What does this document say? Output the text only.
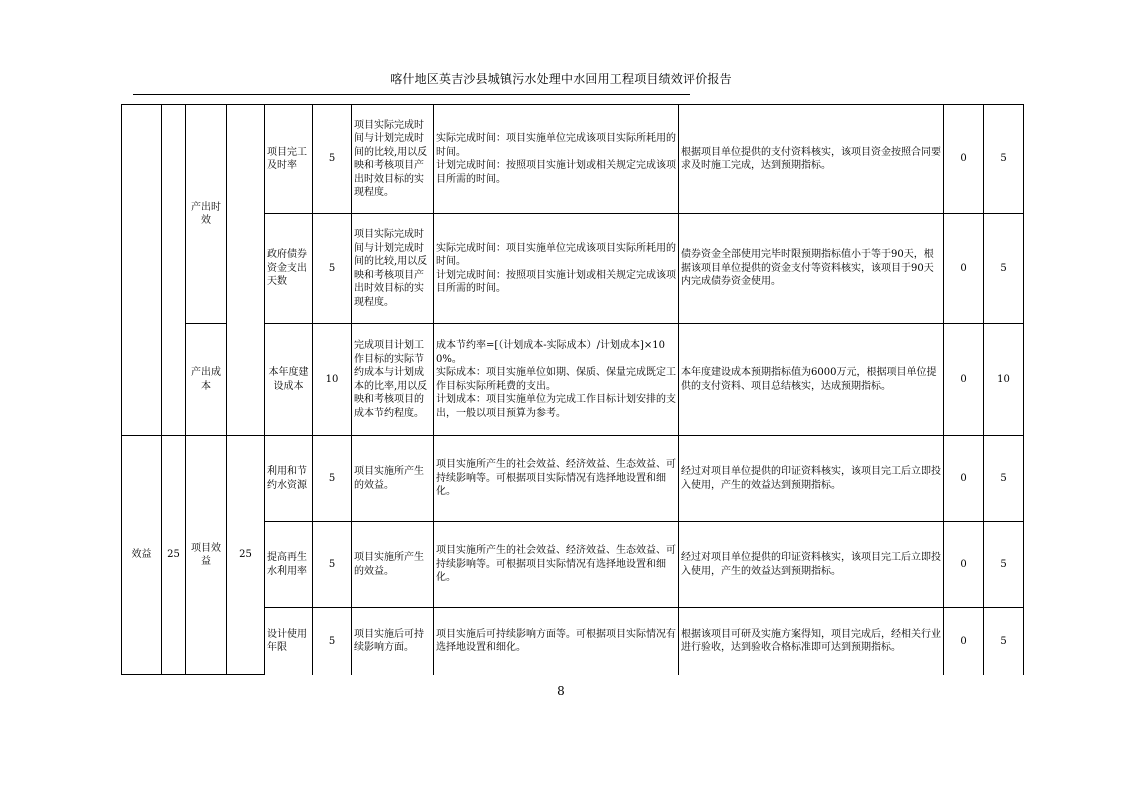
喀什地区英吉沙县城镇污水处理中水回用工程项目绩效评价报告
		产出时效		项目完工及时率	5	项目实际完成时间与计划完成时间的比较,用以反映和考核项目产出时效目标的实现程度。	实际完成时间：项目实施单位完成该项目实际所耗用的时间。
计划完成时间：按照项目实施计划或相关规定完成该项目所需的时间。	根据项目单位提供的支付资料核实，该项目资金按照合同要求及时施工完成，达到预期指标。	0	5
				政府债券资金支出天数	5	项目实际完成时间与计划完成时间的比较,用以反映和考核项目产出时效目标的实现程度。	实际完成时间：项目实施单位完成该项目实际所耗用的时间。
计划完成时间：按照项目实施计划或相关规定完成该项目所需的时间。	债券资金全部使用完毕时限预期指标值小于等于90天，根据该项目单位提供的资金支付等资料核实，该项目于90天内完成债券资金使用。	0	5
		产出成本		本年度建设成本	10	完成项目计划工作目标的实际节约成本与计划成本的比率,用以反映和考核项目的成本节约程度。	成本节约率=[（计划成本-实际成本）/计划成本]×100%。
实际成本：项目实施单位如期、保质、保量完成既定工作目标实际所耗费的支出。
计划成本：项目实施单位为完成工作目标计划安排的支出，一般以项目预算为参考。	本年度建设成本预期指标值为6000万元，根据项目单位提供的支付资料、项目总结核实，达成预期指标。	0	10
效益	25	项目效益	25	利用和节约水资源	5	项目实施所产生的效益。	项目实施所产生的社会效益、经济效益、生态效益、可持续影响等。可根据项目实际情况有选择地设置和细化。	经过对项目单位提供的印证资料核实，该项目完工后立即投入使用，产生的效益达到预期指标。	0	5
				提高再生水利用率	5	项目实施所产生的效益。	项目实施所产生的社会效益、经济效益、生态效益、可持续影响等。可根据项目实际情况有选择地设置和细化。	经过对项目单位提供的印证资料核实，该项目完工后立即投入使用，产生的效益达到预期指标。	0	5
				设计使用年限	5	项目实施后可持续影响方面。	项目实施后可持续影响方面等。可根据项目实际情况有选择地设置和细化。	根据该项目可研及实施方案得知，项目完成后，经相关行业进行验收，达到验收合格标准即可达到预期指标。	0	5
8
